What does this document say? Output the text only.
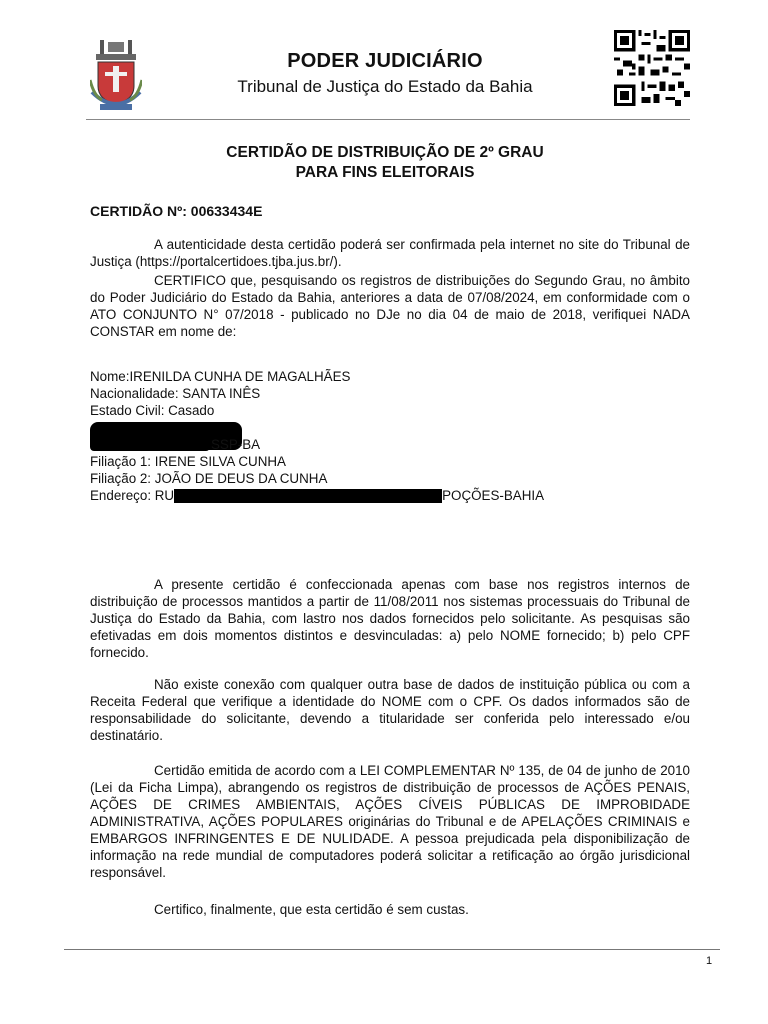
PODER JUDICIÁRIO
Tribunal de Justiça do Estado da Bahia
CERTIDÃO DE DISTRIBUIÇÃO DE 2º GRAU
PARA FINS ELEITORAIS
CERTIDÃO Nº: 00633434E
A autenticidade desta certidão poderá ser confirmada pela internet no site do Tribunal de Justiça (https://portalcertidoes.tjba.jus.br/).
CERTIFICO que, pesquisando os registros de distribuições do Segundo Grau, no âmbito do Poder Judiciário do Estado da Bahia, anteriores a data de 07/08/2024, em conformidade com o ATO CONJUNTO N° 07/2018 - publicado no DJe no dia 04 de maio de 2018, verifiquei NADA CONSTAR em nome de:
Nome:IRENILDA CUNHA DE MAGALHÃES
Nacionalidade: SANTA INÊS
Estado Civil: Casado
SSP-BA
Filiação 1: IRENE SILVA CUNHA
Filiação 2: JOÃO DE DEUS DA CUNHA
Endereço: RU	POÇÕES-BAHIA
A presente certidão é confeccionada apenas com base nos registros internos de distribuição de processos mantidos a partir de 11/08/2011 nos sistemas processuais do Tribunal de Justiça do Estado da Bahia, com lastro nos dados fornecidos pelo solicitante. As pesquisas são efetivadas em dois momentos distintos e desvinculadas: a) pelo NOME fornecido; b) pelo CPF fornecido.
Não existe conexão com qualquer outra base de dados de instituição pública ou com a Receita Federal que verifique a identidade do NOME com o CPF. Os dados informados são de responsabilidade do solicitante, devendo a titularidade ser conferida pelo interessado e/ou destinatário.
Certidão emitida de acordo com a LEI COMPLEMENTAR Nº 135, de 04 de junho de 2010 (Lei da Ficha Limpa), abrangendo os registros de distribuição de processos de AÇÕES PENAIS, AÇÕES DE CRIMES AMBIENTAIS, AÇÕES CÍVEIS PÚBLICAS DE IMPROBIDADE ADMINISTRATIVA, AÇÕES POPULARES originárias do Tribunal e de APELAÇÕES CRIMINAIS e EMBARGOS INFRINGENTES E DE NULIDADE. A pessoa prejudicada pela disponibilização de informação na rede mundial de computadores poderá solicitar a retificação ao órgão jurisdicional responsável.
Certifico, finalmente, que esta certidão é sem custas.
1
